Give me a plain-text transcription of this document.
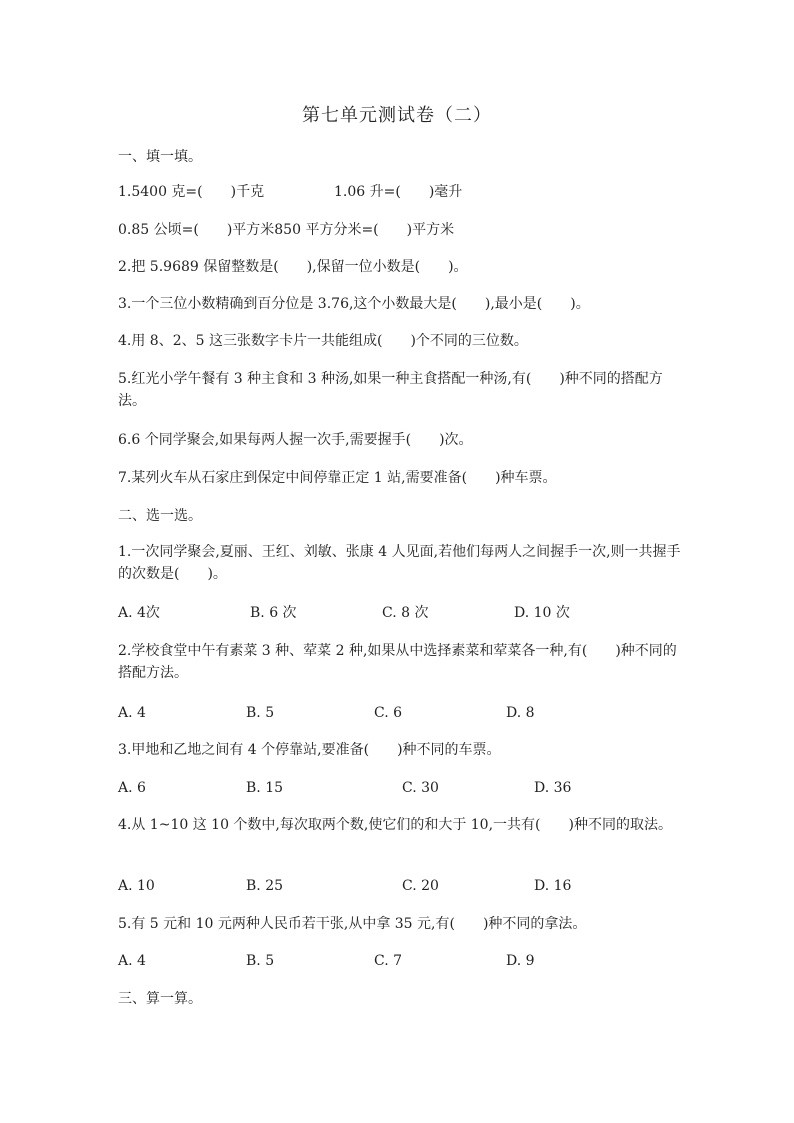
第七单元测试卷（二）
一、填一填。
1.5400 克=(　　)千克	1.06 升=(　　)毫升
0.85 公顷=(　　)平方米850 平方分米=(　　)平方米
2.把 5.9689 保留整数是(　　),保留一位小数是(　　)。
3.一个三位小数精确到百分位是 3.76,这个小数最大是(　　),最小是(　　)。
4.用 8、2、5 这三张数字卡片一共能组成(　　)个不同的三位数。
5.红光小学午餐有 3 种主食和 3 种汤,如果一种主食搭配一种汤,有(　　)种不同的搭配方法。
6.6 个同学聚会,如果每两人握一次手,需要握手(　　)次。
7.某列火车从石家庄到保定中间停靠正定 1 站,需要准备(　　)种车票。
二、选一选。
1.一次同学聚会,夏丽、王红、刘敏、张康 4 人见面,若他们每两人之间握手一次,则一共握手的次数是(　　)。
A. 4次	B. 6 次	C. 8 次	D. 10 次
2.学校食堂中午有素菜 3 种、荤菜 2 种,如果从中选择素菜和荤菜各一种,有(　　)种不同的搭配方法。
A. 4	B. 5	C. 6	D. 8
3.甲地和乙地之间有 4 个停靠站,要准备(　　)种不同的车票。
A. 6	B. 15	C. 30	D. 36
4.从 1~10 这 10 个数中,每次取两个数,使它们的和大于 10,一共有(　　)种不同的取法。
A. 10	B. 25	C. 20	D. 16
5.有 5 元和 10 元两种人民币若干张,从中拿 35 元,有(　　)种不同的拿法。
A. 4	B. 5	C. 7	D. 9
三、算一算。
